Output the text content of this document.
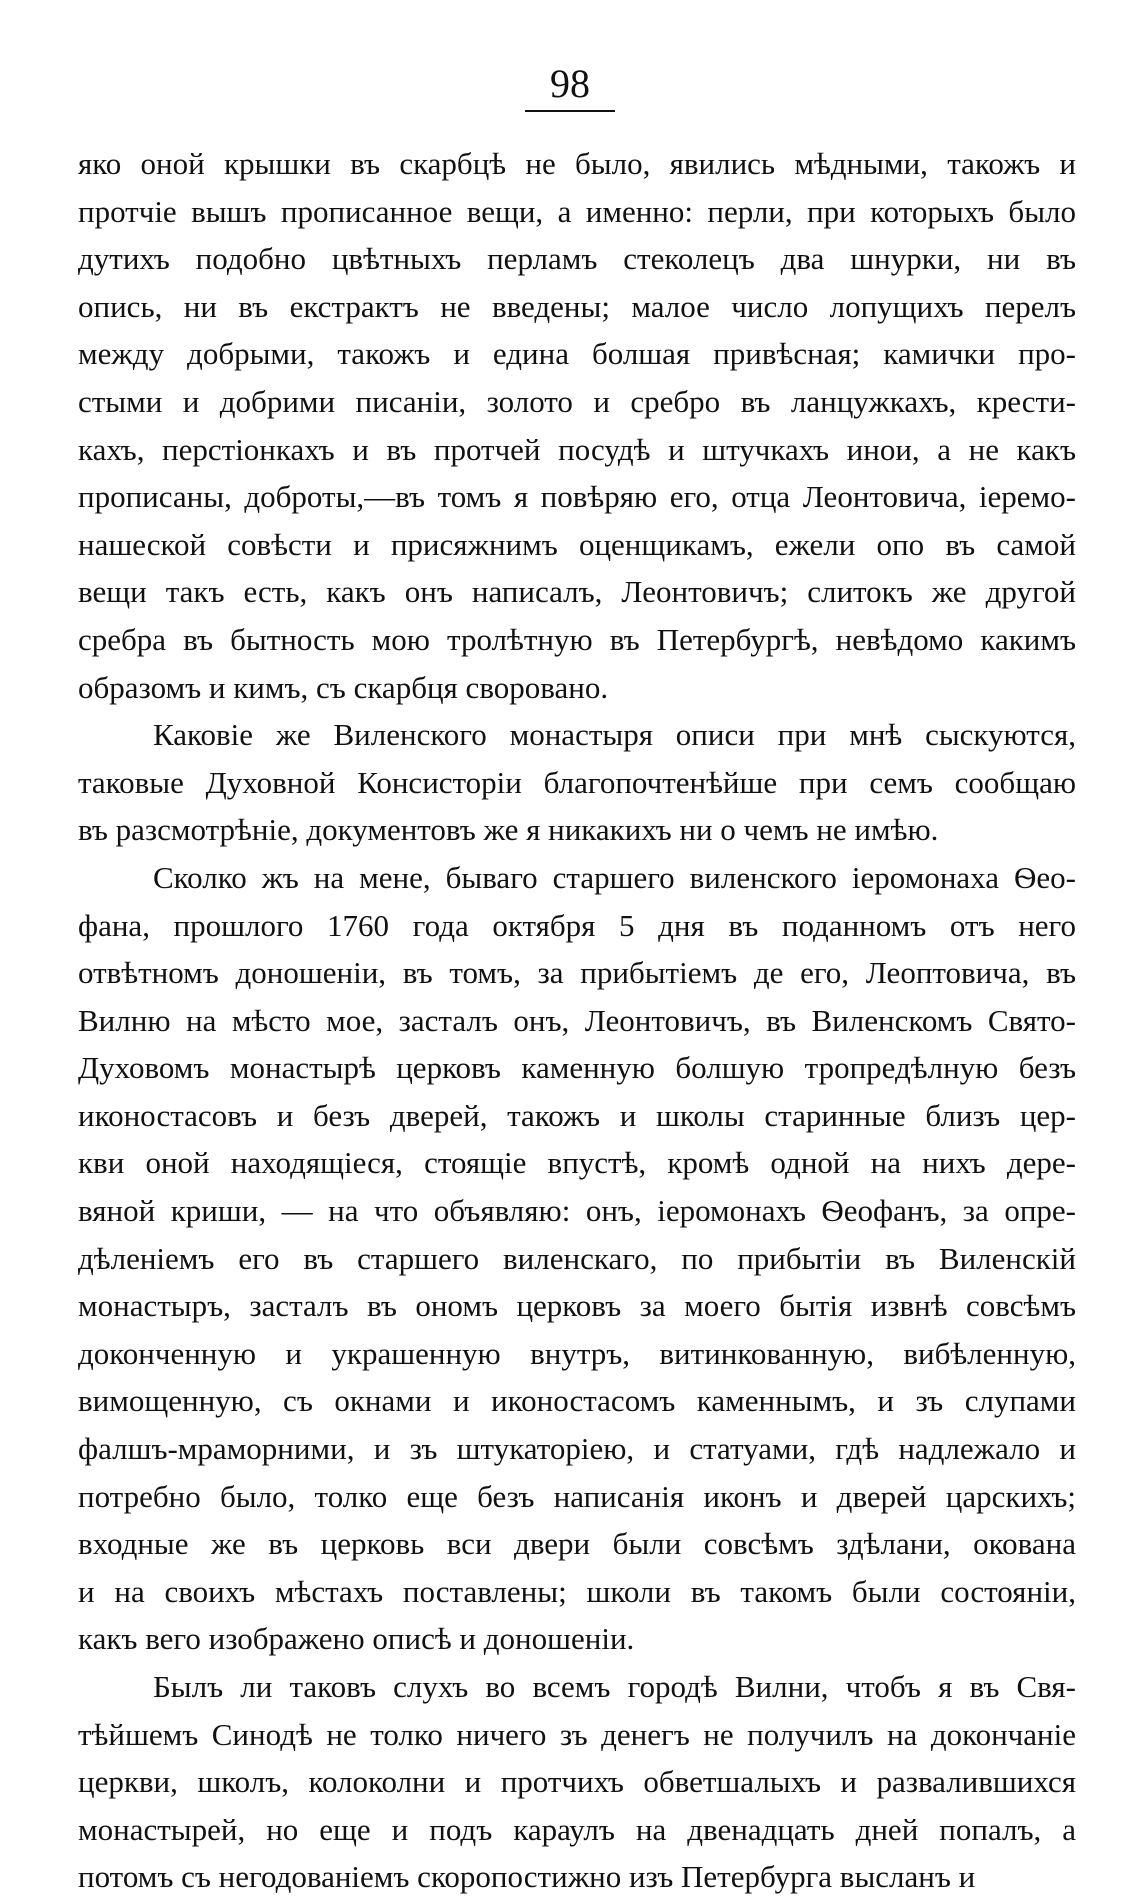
98
яко оной крышки въ скарбцѣ не было, явились мѣдными, такожъ и
протчіе вышъ прописанное вещи, а именно: перли, при которыхъ было
дутихъ подобно цвѣтныхъ перламъ стеколецъ два шнурки, ни въ
опись, ни въ екстрактъ не введены; малое число лопущихъ перелъ
между добрыми, такожъ и едина болшая привѣсная; камички про-
стыми и добрими писаніи, золото и сребро въ ланцужкахъ, крести-
кахъ, перстіонкахъ и въ протчей посудѣ и штучкахъ инои, а не какъ
прописаны, доброты,—въ томъ я повѣряю его, отца Леонтовича, іеремо-
нашеской совѣсти и присяжнимъ оценщикамъ, ежели опо въ самой
вещи такъ есть, какъ онъ написалъ, Леонтовичъ; слитокъ же другой
сребра въ бытность мою тролѣтную въ Петербургѣ, невѣдомо какимъ
образомъ и кимъ, съ скарбця своровано.
Каковіе же Виленского монастыря описи при мнѣ сыскуются,
таковые Духовной Консисторіи благопочтенѣйше при семъ сообщаю
въ разсмотрѣніе, документовъ же я никакихъ ни о чемъ не имѣю.
Сколко жъ на мене, бываго старшего виленского іеромонаха Ѳео-
фана, прошлого 1760 года октября 5 дня въ поданномъ отъ него
отвѣтномъ доношеніи, въ томъ, за прибытіемъ де его, Леоптовича, въ
Вилню на мѣсто мое, засталъ онъ, Леонтовичъ, въ Виленскомъ Свято-
Духовомъ монастырѣ церковъ каменную болшую тропредѣлную безъ
иконостасовъ и безъ дверей, такожъ и школы старинные близъ цер-
кви оной находящіеся, стоящіе впустѣ, кромѣ одной на нихъ дере-
вяной криши, — на что объявляю: онъ, іеромонахъ Ѳеофанъ, за опре-
дѣленіемъ его въ старшего виленскаго, по прибытіи въ Виленскій
монастыръ, засталъ въ ономъ церковъ за моего бытія извнѣ совсѣмъ
доконченную и украшенную внутръ, витинкованную, вибѣленную,
вимощенную, съ окнами и иконостасомъ каменнымъ, и зъ слупами
фалшъ-мраморними, и зъ штукаторіею, и статуами, гдѣ надлежало и
потребно было, толко еще безъ написанія иконъ и дверей царскихъ;
входные же въ церковь вси двери были совсѣмъ здѣлани, окована
и на своихъ мѣстахъ поставлены; школи въ такомъ были состояніи,
какъ вего изображено описѣ и доношеніи.
Былъ ли таковъ слухъ во всемъ городѣ Вилни, чтобъ я въ Свя-
тѣйшемъ Синодѣ не толко ничего зъ денегъ не получилъ на докончаніе
церкви, школъ, колоколни и протчихъ обветшалыхъ и развалившихся
монастырей, но еще и подъ караулъ на двенадцать дней попалъ, а
потомъ съ негодованіемъ скоропостижно изъ Петербурга высланъ и
